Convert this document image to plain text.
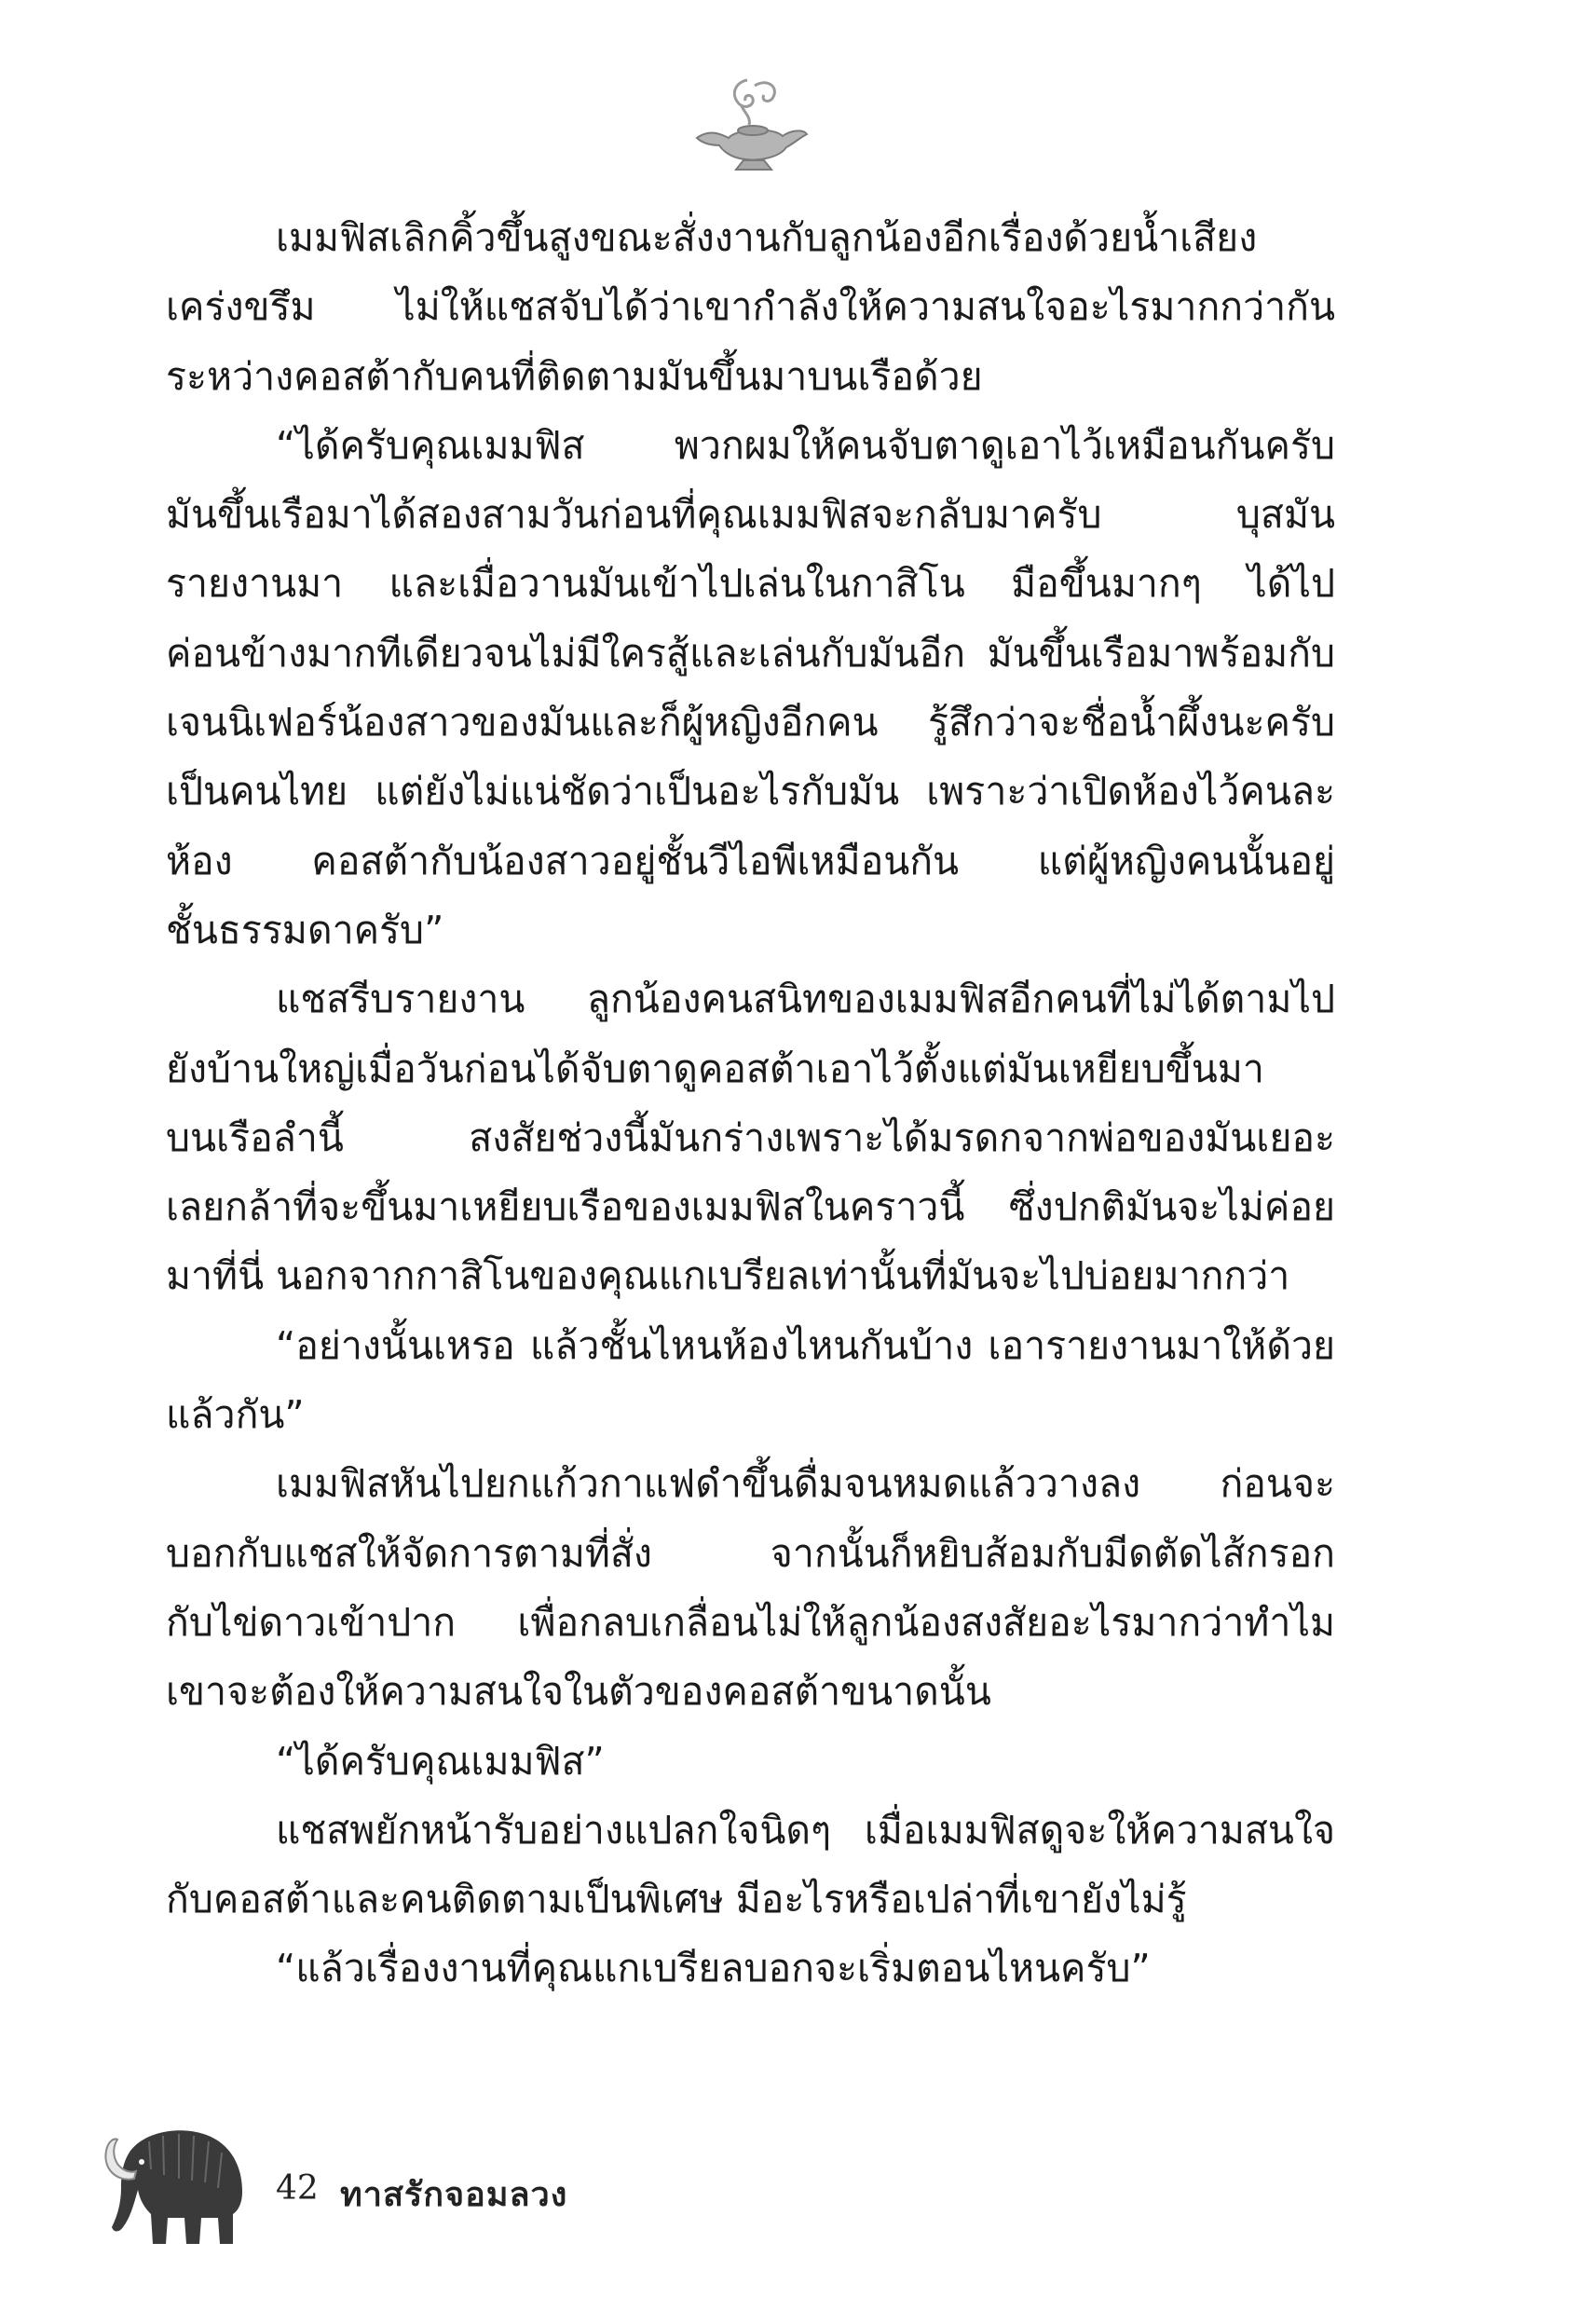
เมมฟิสเลิกคิ้วขึ้นสูงขณะสั่งงานกับลูกน้องอีกเรื่องด้วยน้ำเสียง
เคร่งขรึม ไม่ให้แชสจับได้ว่าเขากำลังให้ความสนใจอะไรมากกว่ากัน
ระหว่างคอสต้ากับคนที่ติดตามมันขึ้นมาบนเรือด้วย
“ได้ครับคุณเมมฟิส พวกผมให้คนจับตาดูเอาไว้เหมือนกันครับ
มันขึ้นเรือมาได้สองสามวันก่อนที่คุณเมมฟิสจะกลับมาครับ บุสมัน
รายงานมา และเมื่อวานมันเข้าไปเล่นในกาสิโน มือขึ้นมากๆ ได้ไป
ค่อนข้างมากทีเดียวจนไม่มีใครสู้และเล่นกับมันอีก มันขึ้นเรือมาพร้อมกับ
เจนนิเฟอร์น้องสาวของมันและก็ผู้หญิงอีกคน รู้สึกว่าจะชื่อน้ำผึ้งนะครับ
เป็นคนไทย แต่ยังไม่แน่ชัดว่าเป็นอะไรกับมัน เพราะว่าเปิดห้องไว้คนละ
ห้อง คอสต้ากับน้องสาวอยู่ชั้นวีไอพีเหมือนกัน แต่ผู้หญิงคนนั้นอยู่
ชั้นธรรมดาครับ”
แชสรีบรายงาน ลูกน้องคนสนิทของเมมฟิสอีกคนที่ไม่ได้ตามไป
ยังบ้านใหญ่เมื่อวันก่อนได้จับตาดูคอสต้าเอาไว้ตั้งแต่มันเหยียบขึ้นมา
บนเรือลำนี้ สงสัยช่วงนี้มันกร่างเพราะได้มรดกจากพ่อของมันเยอะ
เลยกล้าที่จะขึ้นมาเหยียบเรือของเมมฟิสในคราวนี้ ซึ่งปกติมันจะไม่ค่อย
มาที่นี่ นอกจากกาสิโนของคุณแกเบรียลเท่านั้นที่มันจะไปบ่อยมากกว่า
“อย่างนั้นเหรอ แล้วชั้นไหนห้องไหนกันบ้าง เอารายงานมาให้ด้วย
แล้วกัน”
เมมฟิสหันไปยกแก้วกาแฟดำขึ้นดื่มจนหมดแล้ววางลง ก่อนจะ
บอกกับแชสให้จัดการตามที่สั่ง จากนั้นก็หยิบส้อมกับมีดตัดไส้กรอก
กับไข่ดาวเข้าปาก เพื่อกลบเกลื่อนไม่ให้ลูกน้องสงสัยอะไรมากว่าทำไม
เขาจะต้องให้ความสนใจในตัวของคอสต้าขนาดนั้น
“ได้ครับคุณเมมฟิส”
แชสพยักหน้ารับอย่างแปลกใจนิดๆ เมื่อเมมฟิสดูจะให้ความสนใจ
กับคอสต้าและคนติดตามเป็นพิเศษ มีอะไรหรือเปล่าที่เขายังไม่รู้
“แล้วเรื่องงานที่คุณแกเบรียลบอกจะเริ่มตอนไหนครับ”
42 ทาสรักจอมลวง
